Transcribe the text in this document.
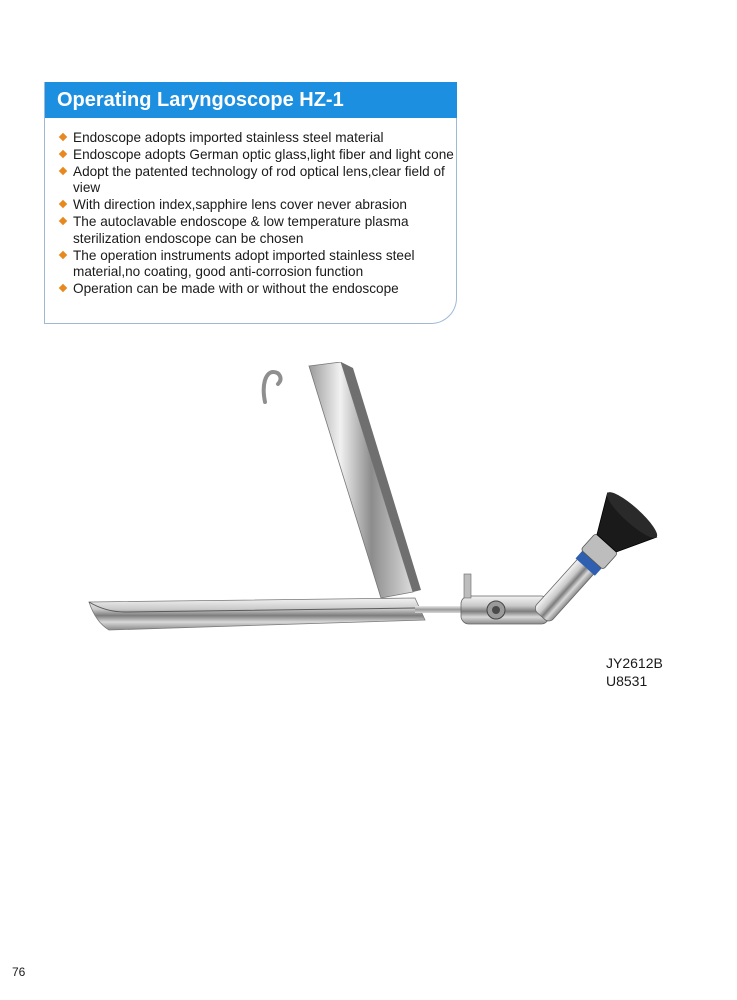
Operating Laryngoscope HZ-1
Endoscope adopts imported stainless steel material
Endoscope adopts German optic glass,light fiber and light cone
Adopt the patented technology of rod optical lens,clear field of view
With direction index,sapphire lens cover never abrasion
The autoclavable endoscope & low temperature plasma sterilization endoscope can be chosen
The operation instruments adopt imported stainless steel material,no coating, good anti-corrosion function
Operation can be made with or without the endoscope
JY2612B
U8531
76
